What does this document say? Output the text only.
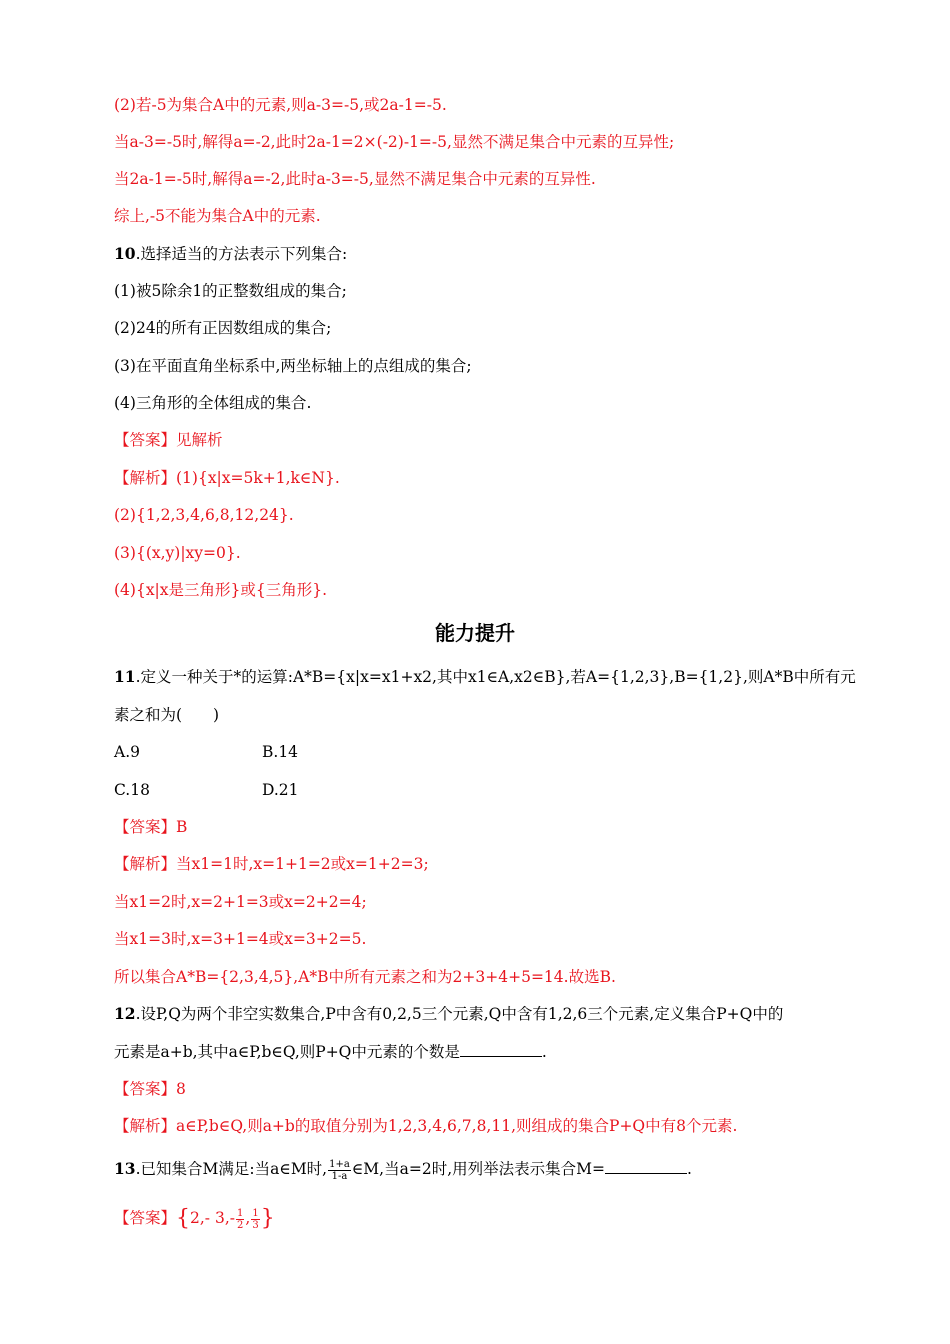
(2)若-5为集合A中的元素,则a-3=-5,或2a-1=-5.
当a-3=-5时,解得a=-2,此时2a-1=2×(-2)-1=-5,显然不满足集合中元素的互异性;
当2a-1=-5时,解得a=-2,此时a-3=-5,显然不满足集合中元素的互异性.
综上,-5不能为集合A中的元素.
10.选择适当的方法表示下列集合:
(1)被5除余1的正整数组成的集合;
(2)24的所有正因数组成的集合;
(3)在平面直角坐标系中,两坐标轴上的点组成的集合;
(4)三角形的全体组成的集合.
【答案】见解析
【解析】(1){x|x=5k+1,k∈N}.
(2){1,2,3,4,6,8,12,24}.
(3){(x,y)|xy=0}.
(4){x|x是三角形}或{三角形}.
能力提升
11.定义一种关于*的运算:A*B={x|x=x1+x2,其中x1∈A,x2∈B},若A={1,2,3},B={1,2},则A*B中所有元
素之和为(　　)
A.9	B.14
C.18	D.21
【答案】B
【解析】当x1=1时,x=1+1=2或x=1+2=3;
当x1=2时,x=2+1=3或x=2+2=4;
当x1=3时,x=3+1=4或x=3+2=5.
所以集合A*B={2,3,4,5},A*B中所有元素之和为2+3+4+5=14.故选B.
12.设P,Q为两个非空实数集合,P中含有0,2,5三个元素,Q中含有1,2,6三个元素,定义集合P+Q中的
元素是a+b,其中a∈P,b∈Q,则P+Q中元素的个数是	.
【答案】8
【解析】a∈P,b∈Q,则a+b的取值分别为1,2,3,4,6,7,8,11,则组成的集合P+Q中有8个元素.
13.已知集合M满足:当a∈M时, $\frac{1+a}{1-a}$ ∈M,当a=2时,用列举法表示集合M=	.
【答案】{2,- $3,- \frac{1}{2}$ , $\frac{1}{3}$ }
